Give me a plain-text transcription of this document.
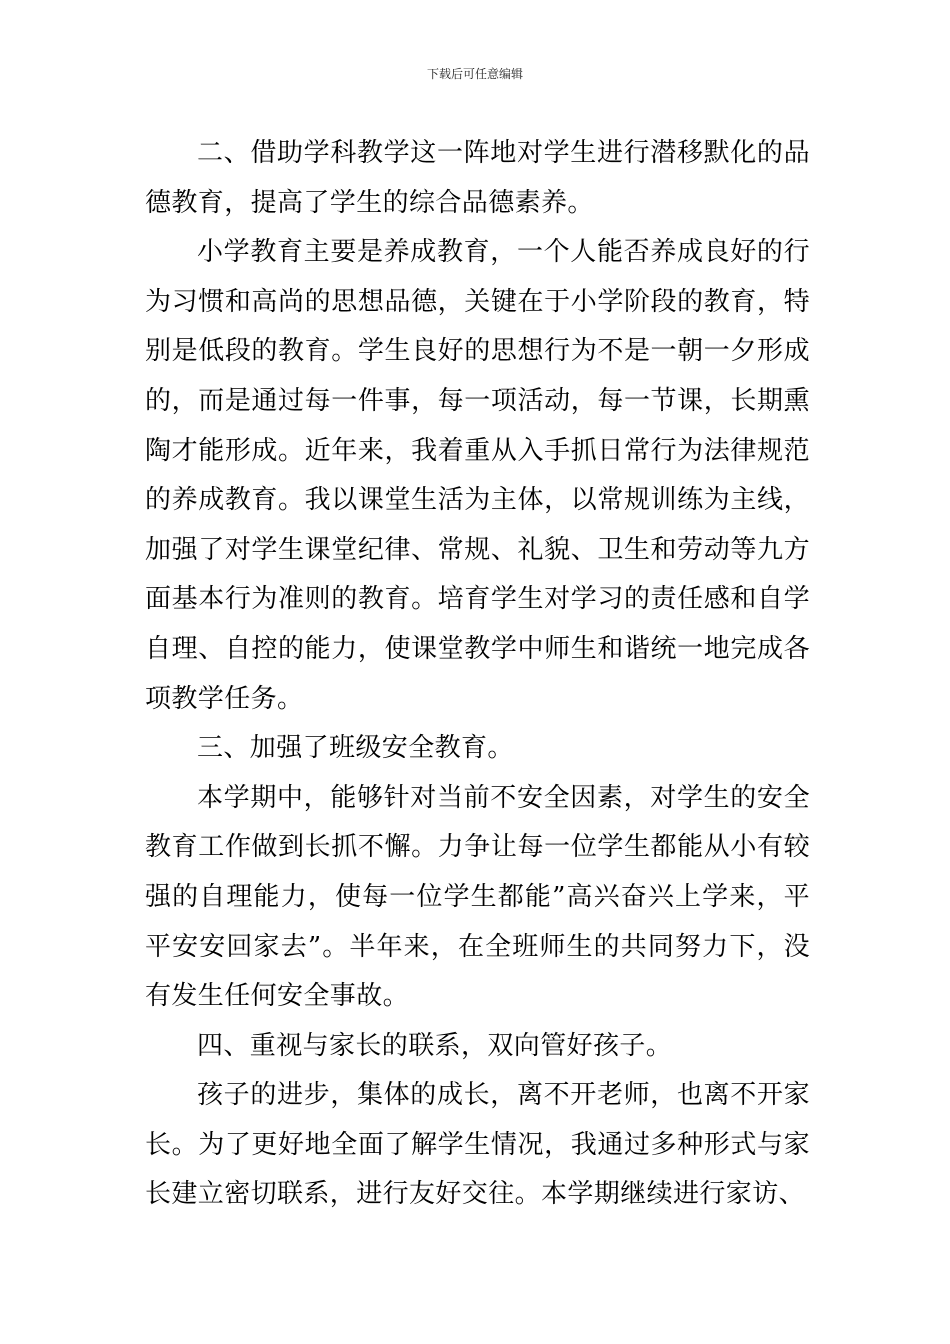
下载后可任意编辑

二、借助学科教学这一阵地对学生进行潜移默化的品德教育，提高了学生的综合品德素养。

小学教育主要是养成教育，一个人能否养成良好的行为习惯和高尚的思想品德，关键在于小学阶段的教育，特别是低段的教育。学生良好的思想行为不是一朝一夕形成的，而是通过每一件事，每一项活动，每一节课，长期熏陶才能形成。近年来，我着重从入手抓日常行为法律规范的养成教育。我以课堂生活为主体，以常规训练为主线，加强了对学生课堂纪律、常规、礼貌、卫生和劳动等九方面基本行为准则的教育。培育学生对学习的责任感和自学自理、自控的能力，使课堂教学中师生和谐统一地完成各项教学任务。

三、加强了班级安全教育。

本学期中，能够针对当前不安全因素，对学生的安全教育工作做到长抓不懈。力争让每一位学生都能从小有较强的自理能力，使每一位学生都能”高兴奋兴上学来，平平安安回家去”。半年来，在全班师生的共同努力下，没有发生任何安全事故。

四、重视与家长的联系，双向管好孩子。

孩子的进步，集体的成长，离不开老师，也离不开家长。为了更好地全面了解学生情况，我通过多种形式与家长建立密切联系，进行友好交往。本学期继续进行家访、
